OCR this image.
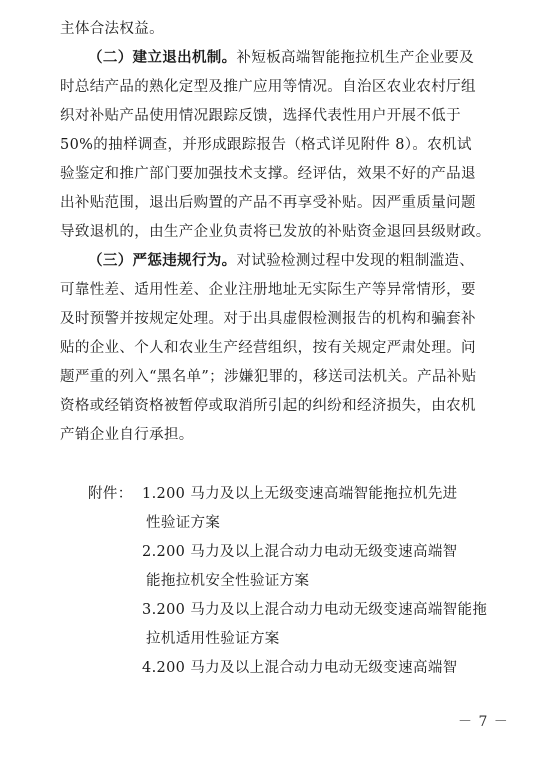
主体合法权益。
（二）建立退出机制。补短板高端智能拖拉机生产企业要及
时总结产品的熟化定型及推广应用等情况。自治区农业农村厅组
织对补贴产品使用情况跟踪反馈，选择代表性用户开展不低于
50%的抽样调查，并形成跟踪报告（格式详见附件 8）。农机试
验鉴定和推广部门要加强技术支撑。经评估，效果不好的产品退
出补贴范围，退出后购置的产品不再享受补贴。因严重质量问题
导致退机的，由生产企业负责将已发放的补贴资金退回县级财政。
（三）严惩违规行为。对试验检测过程中发现的粗制滥造、
可靠性差、适用性差、企业注册地址无实际生产等异常情形，要
及时预警并按规定处理。对于出具虚假检测报告的机构和骗套补
贴的企业、个人和农业生产经营组织，按有关规定严肃处理。问
题严重的列入“黑名单”；涉嫌犯罪的，移送司法机关。产品补贴
资格或经销资格被暂停或取消所引起的纠纷和经济损失，由农机
产销企业自行承担。
附件： 1.200 马力及以上无级变速高端智能拖拉机先进
性验证方案
2.200 马力及以上混合动力电动无级变速高端智
能拖拉机安全性验证方案
3.200 马力及以上混合动力电动无级变速高端智能拖
拉机适用性验证方案
4.200 马力及以上混合动力电动无级变速高端智
－ 7 －
